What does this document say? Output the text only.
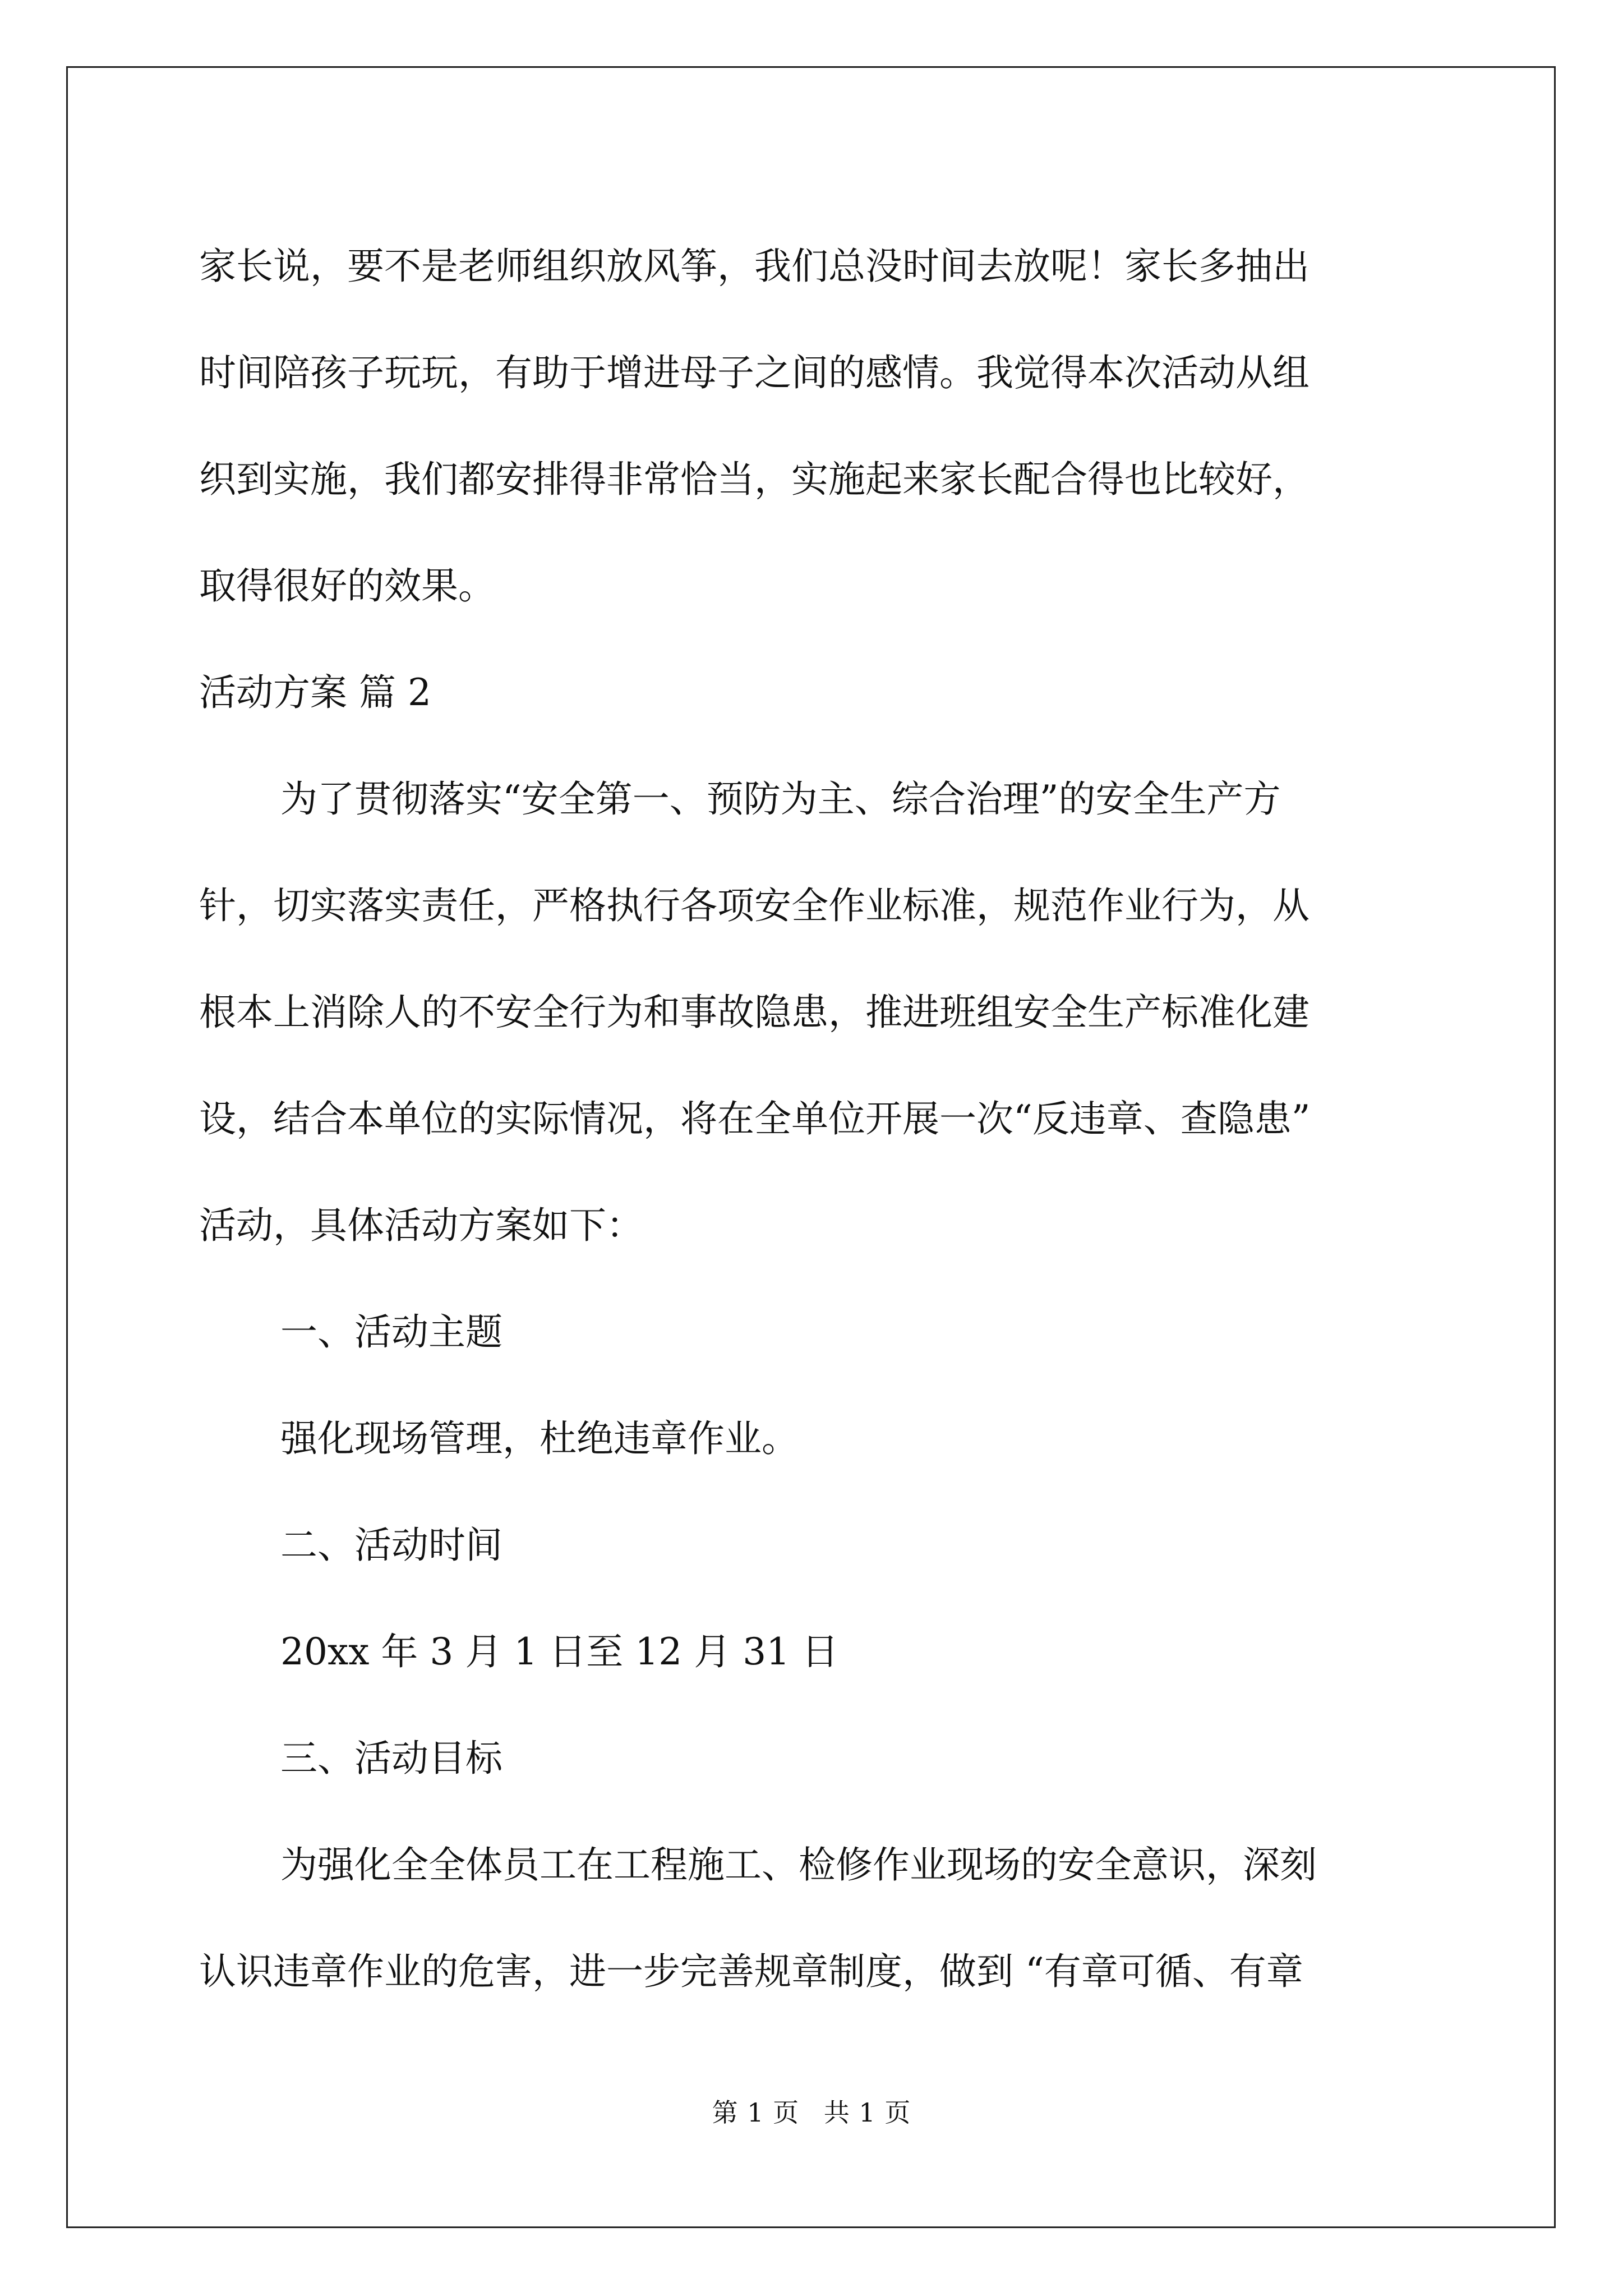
家长说，要不是老师组织放风筝，我们总没时间去放呢！家长多抽出

时间陪孩子玩玩，有助于增进母子之间的感情。我觉得本次活动从组

织到实施，我们都安排得非常恰当，实施起来家长配合得也比较好，

取得很好的效果。

活动方案 篇 2

为了贯彻落实“安全第一、预防为主、综合治理”的安全生产方

针，切实落实责任，严格执行各项安全作业标准，规范作业行为，从

根本上消除人的不安全行为和事故隐患，推进班组安全生产标准化建

设，结合本单位的实际情况，将在全单位开展一次“反违章、查隐患”

活动，具体活动方案如下：

一、活动主题

强化现场管理，杜绝违章作业。

二、活动时间

20xx 年 3 月 1 日至 12 月 31 日

三、活动目标

为强化全全体员工在工程施工、检修作业现场的安全意识，深刻

认识违章作业的危害，进一步完善规章制度，做到 “有章可循、有章

第 1 页 共 1 页
